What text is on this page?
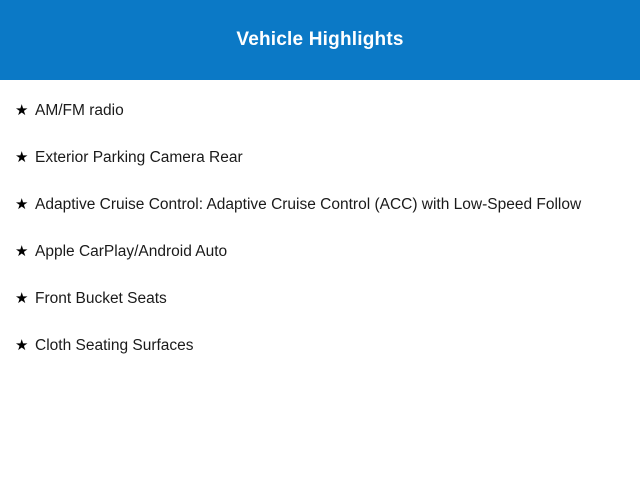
Vehicle Highlights
★ AM/FM radio
★ Exterior Parking Camera Rear
★ Adaptive Cruise Control: Adaptive Cruise Control (ACC) with Low-Speed Follow
★ Apple CarPlay/Android Auto
★ Front Bucket Seats
★ Cloth Seating Surfaces
